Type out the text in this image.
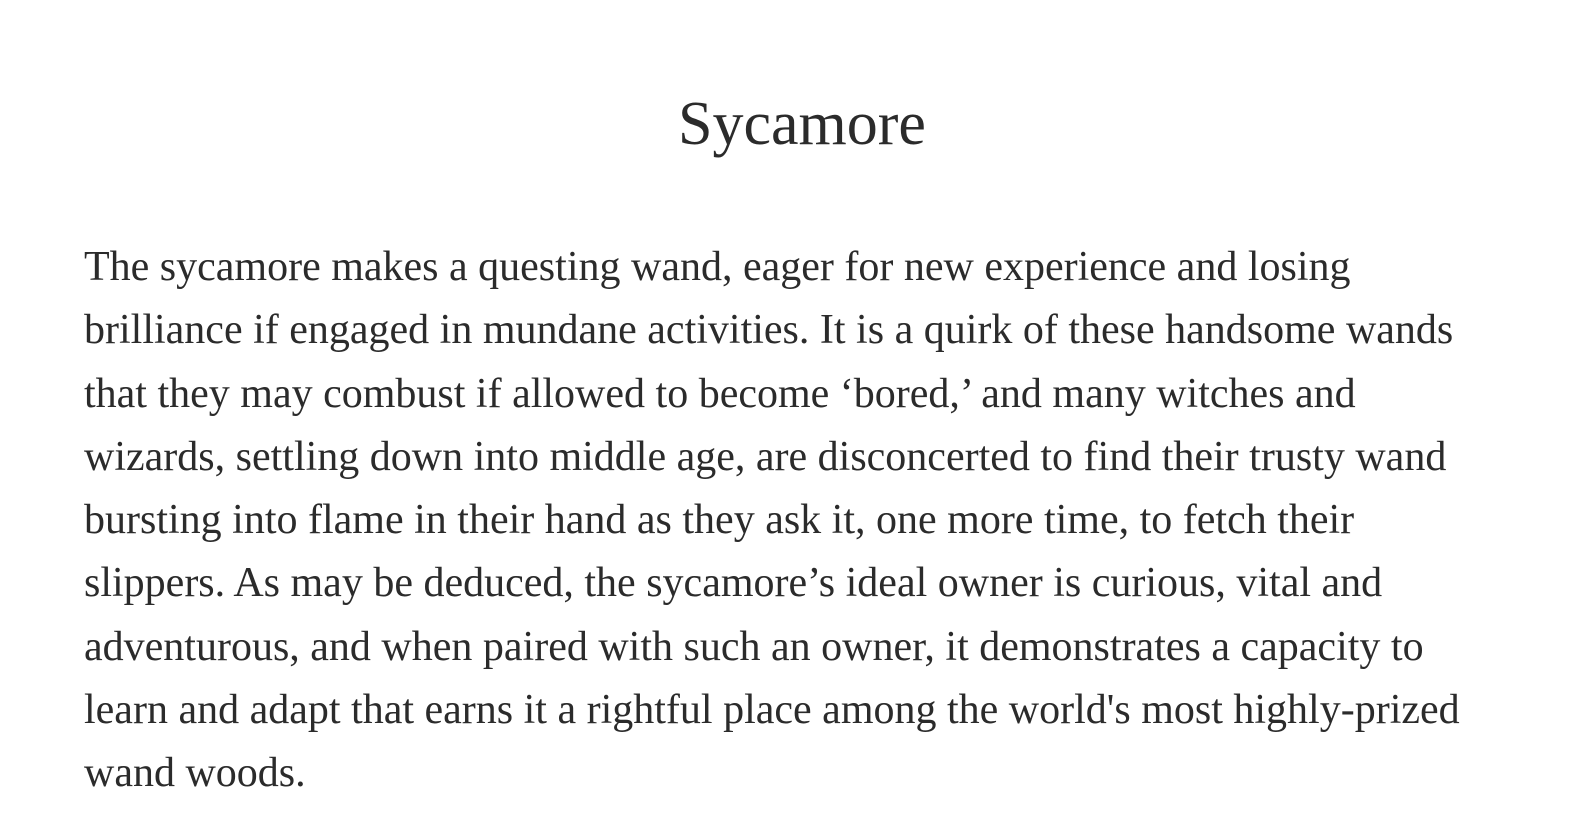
Sycamore

The sycamore makes a questing wand, eager for new experience and losing
brilliance if engaged in mundane activities. It is a quirk of these handsome wands
that they may combust if allowed to become ‘bored,’ and many witches and
wizards, settling down into middle age, are disconcerted to find their trusty wand
bursting into flame in their hand as they ask it, one more time, to fetch their
slippers. As may be deduced, the sycamore’s ideal owner is curious, vital and
adventurous, and when paired with such an owner, it demonstrates a capacity to
learn and adapt that earns it a rightful place among the world's most highly-prized
wand woods.
